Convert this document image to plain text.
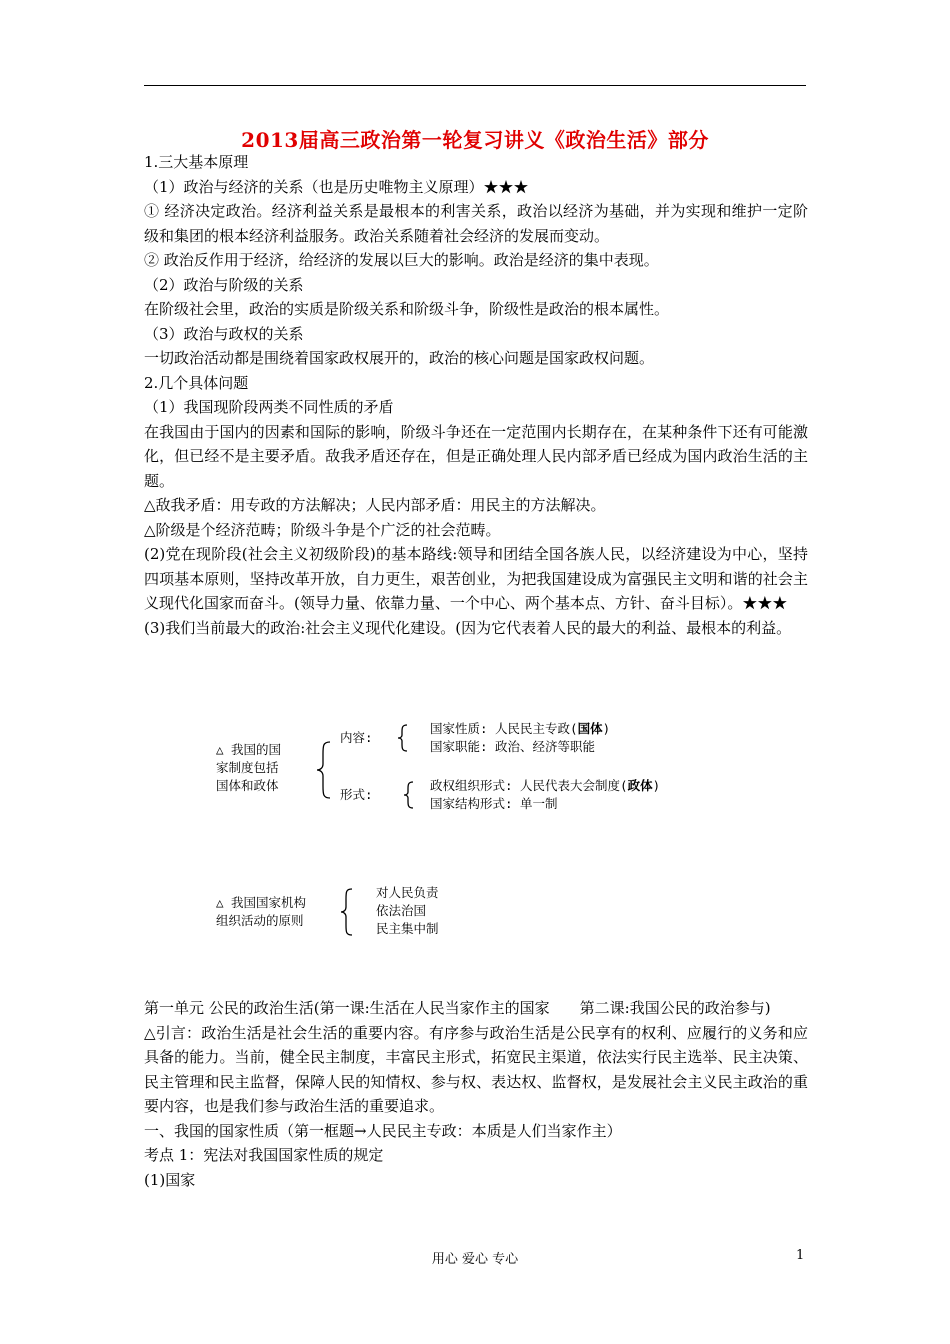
2013届高三政治第一轮复习讲义《政治生活》部分

1.三大基本原理

（1）政治与经济的关系（也是历史唯物主义原理）★★★

① 经济决定政治。经济利益关系是最根本的利害关系，政治以经济为基础，并为实现和维护一定阶级和集团的根本经济利益服务。政治关系随着社会经济的发展而变动。

② 政治反作用于经济，给经济的发展以巨大的影响。政治是经济的集中表现。

（2）政治与阶级的关系

在阶级社会里，政治的实质是阶级关系和阶级斗争，阶级性是政治的根本属性。

（3）政治与政权的关系

一切政治活动都是围绕着国家政权展开的，政治的核心问题是国家政权问题。

2.几个具体问题

（1）我国现阶段两类不同性质的矛盾

在我国由于国内的因素和国际的影响，阶级斗争还在一定范围内长期存在，在某种条件下还有可能激化，但已经不是主要矛盾。敌我矛盾还存在，但是正确处理人民内部矛盾已经成为国内政治生活的主题。

△敌我矛盾：用专政的方法解决；人民内部矛盾：用民主的方法解决。

△阶级是个经济范畴；阶级斗争是个广泛的社会范畴。

(2)党在现阶段(社会主义初级阶段)的基本路线:领导和团结全国各族人民，以经济建设为中心，坚持四项基本原则，坚持改革开放，自力更生，艰苦创业，为把我国建设成为富强民主文明和谐的社会主义现代化国家而奋斗。(领导力量、依靠力量、一个中心、两个基本点、方针、奋斗目标）。★★★

(3)我们当前最大的政治:社会主义现代化建设。(因为它代表着人民的最大的利益、最根本的利益。

△ 我国的国
家制度包括
国体和政体
内容:
国家性质: 人民民主专政(国体)
国家职能: 政治、经济等职能
形式:
政权组织形式: 人民代表大会制度(政体)
国家结构形式: 单一制
△ 我国国家机构
组织活动的原则
对人民负责
依法治国
民主集中制

第一单元 公民的政治生活(第一课:生活在人民当家作主的国家　　第二课:我国公民的政治参与)

△引言：政治生活是社会生活的重要内容。有序参与政治生活是公民享有的权利、应履行的义务和应具备的能力。当前，健全民主制度，丰富民主形式，拓宽民主渠道，依法实行民主选举、民主决策、民主管理和民主监督，保障人民的知情权、参与权、表达权、监督权，是发展社会主义民主政治的重要内容，也是我们参与政治生活的重要追求。

一、我国的国家性质（第一框题→人民民主专政：本质是人们当家作主）

考点 1：宪法对我国国家性质的规定

(1)国家

用心 爱心 专心	1
